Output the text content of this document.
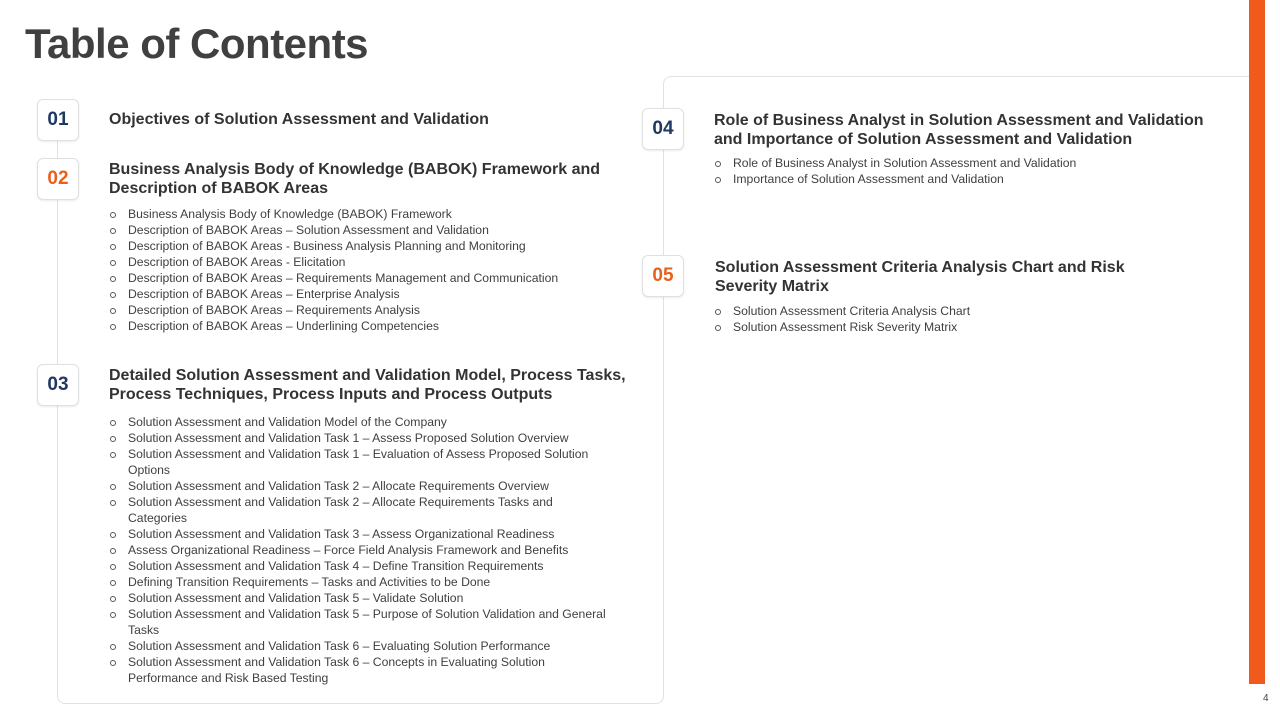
Table of Contents
01	Objectives of Solution Assessment and Validation
02	Business Analysis Body of Knowledge (BABOK) Framework and Description of BABOK Areas
Business Analysis Body of Knowledge (BABOK) Framework
Description of BABOK Areas – Solution Assessment and Validation
Description of BABOK Areas - Business Analysis Planning and Monitoring
Description of BABOK Areas - Elicitation
Description of BABOK Areas – Requirements Management and Communication
Description of BABOK Areas – Enterprise Analysis
Description of BABOK Areas – Requirements Analysis
Description of BABOK Areas – Underlining Competencies
03	Detailed Solution Assessment and Validation Model, Process Tasks, Process Techniques, Process Inputs and Process Outputs
Solution Assessment and Validation Model of the Company
Solution Assessment and Validation Task 1 – Assess Proposed Solution Overview
Solution Assessment and Validation Task 1 – Evaluation of Assess Proposed Solution Options
Solution Assessment and Validation Task 2 – Allocate Requirements Overview
Solution Assessment and Validation Task 2 – Allocate Requirements Tasks and Categories
Solution Assessment and Validation Task 3 – Assess Organizational Readiness
Assess Organizational Readiness – Force Field Analysis Framework and Benefits
Solution Assessment and Validation Task 4 – Define Transition Requirements
Defining Transition Requirements – Tasks and Activities to be Done
Solution Assessment and Validation Task 5 – Validate Solution
Solution Assessment and Validation Task 5 – Purpose of Solution Validation and General Tasks
Solution Assessment and Validation Task 6 – Evaluating Solution Performance
Solution Assessment and Validation Task 6 – Concepts in Evaluating Solution Performance and Risk Based Testing
04	Role of Business Analyst in Solution Assessment and Validation and Importance of Solution Assessment and Validation
Role of Business Analyst in Solution Assessment and Validation
Importance of Solution Assessment and Validation
05	Solution Assessment Criteria Analysis Chart and Risk Severity Matrix
Solution Assessment Criteria Analysis Chart
Solution Assessment Risk Severity Matrix
4
